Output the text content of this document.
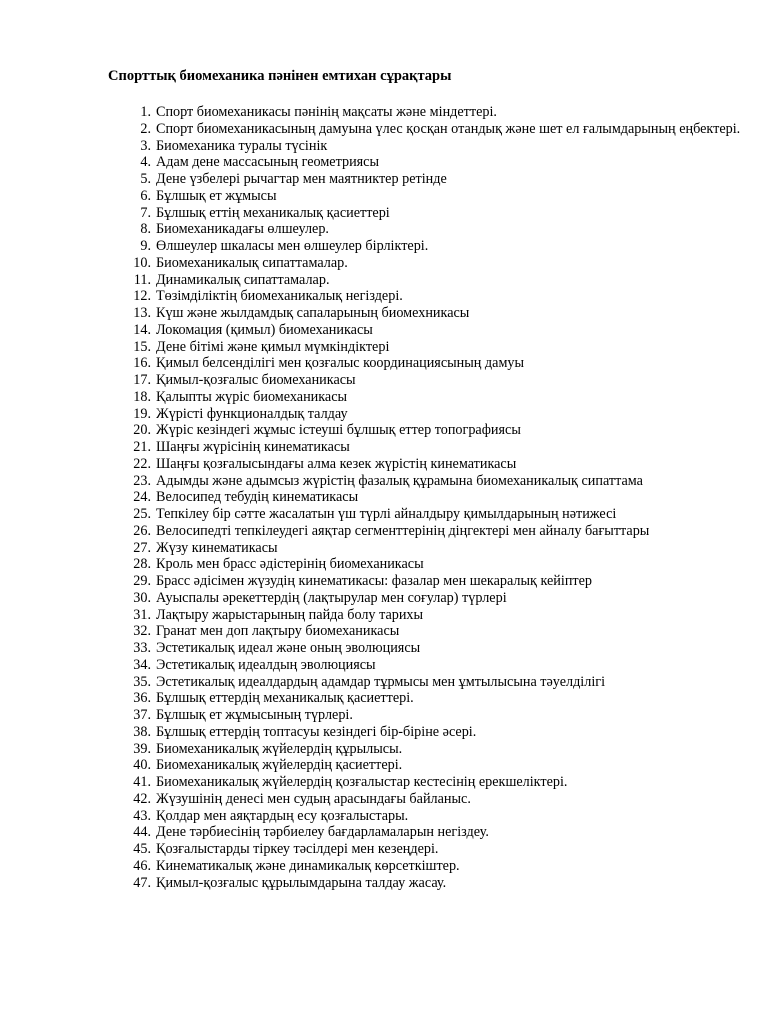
Спорттық биомеханика пәнінен емтихан сұрақтары
1. Спорт биомеханикасы пәнінің мақсаты және міндеттері.
2. Спорт биомеханикасының дамуына үлес қосқан отандық және шет ел ғалымдарының еңбектері.
3. Биомеханика туралы түсінік
4. Адам дене массасының геометриясы
5. Дене үзбелері рычагтар мен маятниктер ретінде
6. Бұлшық ет жұмысы
7. Бұлшық еттің механикалық қасиеттері
8. Биомеханикадағы өлшеулер.
9. Өлшеулер шкаласы мен өлшеулер бірліктері.
10. Биомеханикалық сипаттамалар.
11. Динамикалық сипаттамалар.
12. Төзімділіктің биомеханикалық негіздері.
13. Күш және жылдамдық сапаларының биомехникасы
14. Локомация (қимыл) биомеханикасы
15. Дене бітімі және қимыл мүмкіндіктері
16. Қимыл белсенділігі мен қозғалыс координациясының дамуы
17. Қимыл-қозғалыс биомеханикасы
18. Қалыпты жүріс биомеханикасы
19. Жүрісті функционалдық талдау
20. Жүріс кезіндегі жұмыс істеуші бұлшық еттер топографиясы
21. Шаңғы жүрісінің кинематикасы
22. Шаңғы қозғалысындағы алма кезек жүрістің кинематикасы
23. Адымды және адымсыз жүрістің фазалық құрамына биомеханикалық сипаттама
24. Велосипед тебудің кинематикасы
25. Тепкілеу бір сәтте жасалатын үш түрлі айналдыру қимылдарының нәтижесі
26. Велосипедті тепкілеудегі аяқтар сегменттерінің діңгектері мен айналу бағыттары
27. Жүзу кинематикасы
28. Кроль мен брасс әдістерінің биомеханикасы
29. Брасс әдісімен жүзудің кинематикасы: фазалар мен шекаралық кейіптер
30. Ауыспалы әрекеттердің (лақтырулар мен соғулар) түрлері
31. Лақтыру жарыстарының пайда болу тарихы
32. Гранат мен доп лақтыру биомеханикасы
33. Эстетикалық идеал және оның эволюциясы
34. Эстетикалық идеалдың эволюциясы
35. Эстетикалық идеалдардың адамдар тұрмысы мен ұмтылысына тәуелділігі
36. Бұлшық еттердің механикалық қасиеттері.
37. Бұлшық ет жұмысының түрлері.
38. Бұлшық еттердің топтасуы кезіндегі бір-біріне әсері.
39. Биомеханикалық жүйелердің құрылысы.
40. Биомеханикалық жүйелердің қасиеттері.
41. Биомеханикалық жүйелердің қозғалыстар кестесінің ерекшеліктері.
42. Жүзушінің денесі мен судың арасындағы байланыс.
43. Қолдар мен аяқтардың есу қозғалыстары.
44. Дене тәрбиесінің тәрбиелеу бағдарламаларын негіздеу.
45. Қозғалыстарды тіркеу тәсілдері мен кезеңдері.
46. Кинематикалық және динамикалық көрсеткіштер.
47. Қимыл-қозғалыс құрылымдарына талдау жасау.
